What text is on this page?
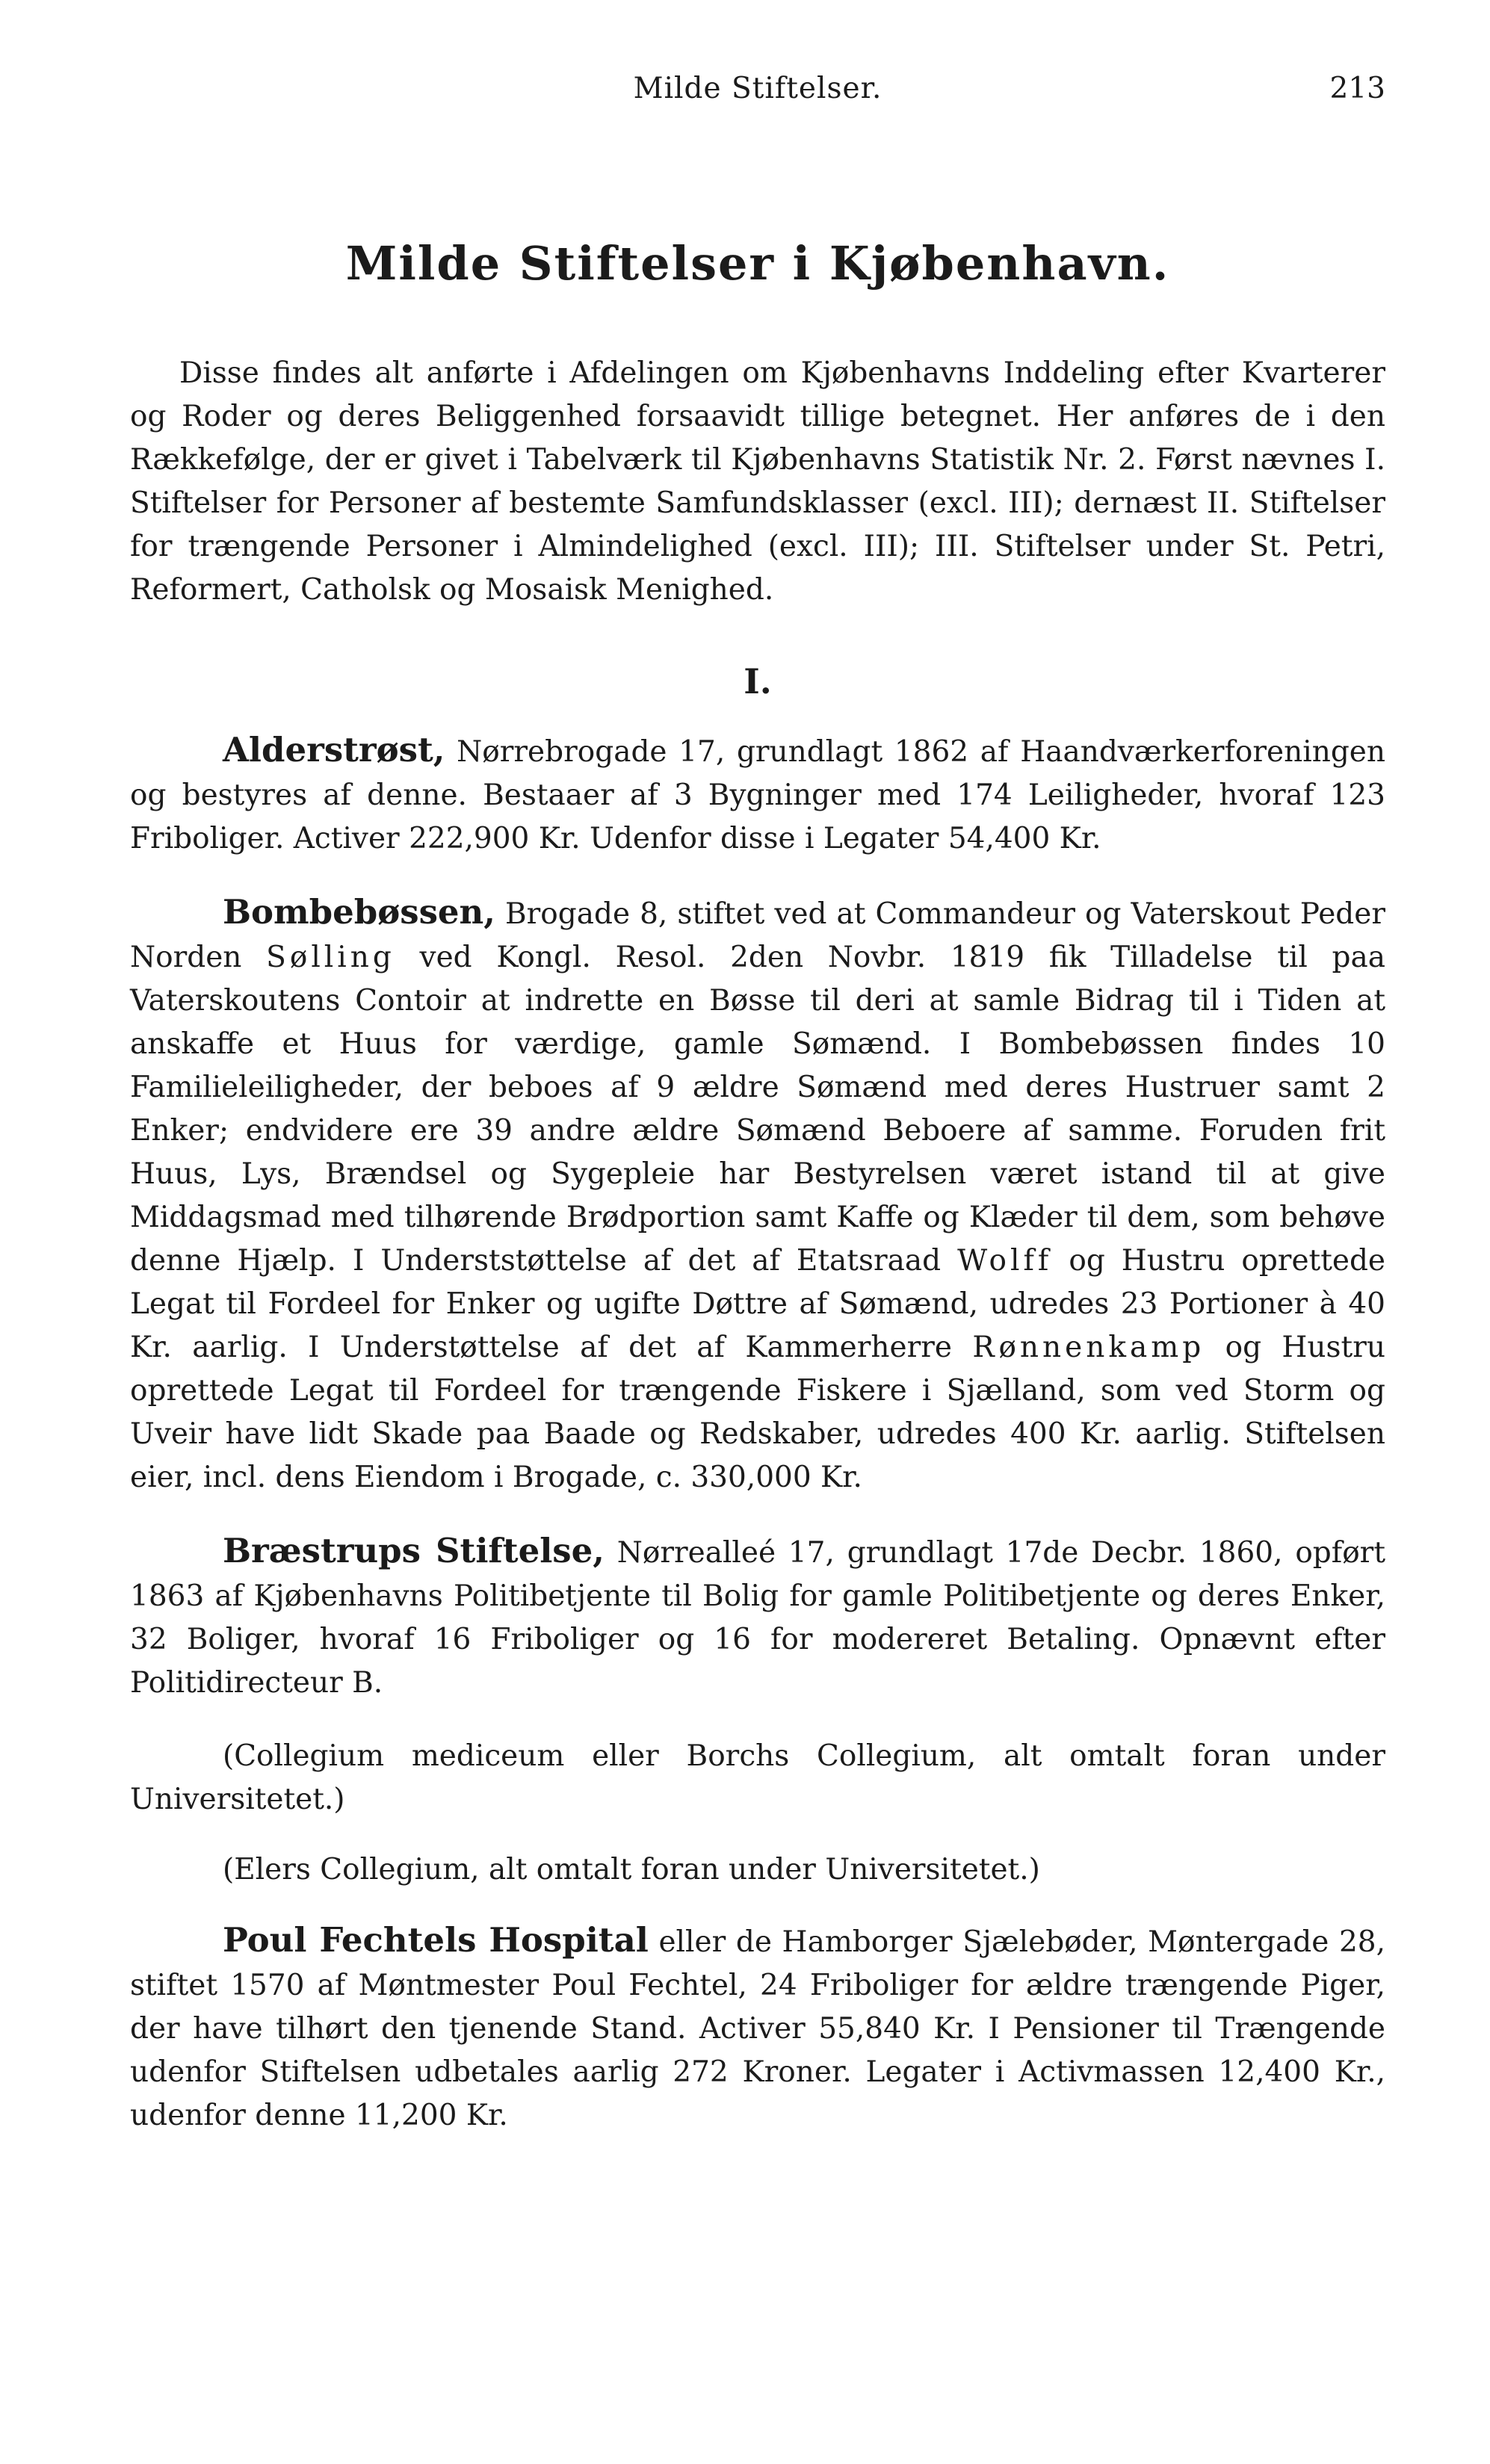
Milde Stiftelser.	213
Milde Stiftelser i Kjøbenhavn.

Disse findes alt anførte i Afdelingen om Kjøbenhavns Inddeling efter Kvarterer og Roder og deres Beliggenhed forsaavidt tillige betegnet. Her anføres de i den Rækkefølge, der er givet i Tabelværk til Kjøbenhavns Statistik Nr. 2. Først nævnes I. Stiftelser for Personer af bestemte Samfundsklasser (excl. III); dernæst II. Stiftelser for trængende Personer i Almindelighed (excl. III); III. Stiftelser under St. Petri, Reformert, Catholsk og Mosaisk Menighed.

I.

Alderstrøst, Nørrebrogade 17, grundlagt 1862 af Haandværkerforeningen og bestyres af denne. Bestaaer af 3 Bygninger med 174 Leiligheder, hvoraf 123 Friboliger. Activer 222,900 Kr. Udenfor disse i Legater 54,400 Kr.

Bombebøssen, Brogade 8, stiftet ved at Commandeur og Vaterskout Peder Norden Sølling ved Kongl. Resol. 2den Novbr. 1819 fik Tilladelse til paa Vaterskoutens Contoir at indrette en Bøsse til deri at samle Bidrag til i Tiden at anskaffe et Huus for værdige, gamle Sømænd. I Bombebøssen findes 10 Familieleiligheder, der beboes af 9 ældre Sømænd med deres Hustruer samt 2 Enker; endvidere ere 39 andre ældre Sømænd Beboere af samme. Foruden frit Huus, Lys, Brændsel og Sygepleie har Bestyrelsen været istand til at give Middagsmad med tilhørende Brødportion samt Kaffe og Klæder til dem, som behøve denne Hjælp. I Underststøttelse af det af Etatsraad Wolff og Hustru oprettede Legat til Fordeel for Enker og ugifte Døttre af Sømænd, udredes 23 Portioner à 40 Kr. aarlig. I Understøttelse af det af Kammerherre Rønnenkamp og Hustru oprettede Legat til Fordeel for trængende Fiskere i Sjælland, som ved Storm og Uveir have lidt Skade paa Baade og Redskaber, udredes 400 Kr. aarlig. Stiftelsen eier, incl. dens Eiendom i Brogade, c. 330,000 Kr.

Bræstrups Stiftelse, Nørrealleé 17, grundlagt 17de Decbr. 1860, opført 1863 af Kjøbenhavns Politibetjente til Bolig for gamle Politibetjente og deres Enker, 32 Boliger, hvoraf 16 Friboliger og 16 for modereret Betaling. Opnævnt efter Politidirecteur B.

(Collegium mediceum eller Borchs Collegium, alt omtalt foran under Universitetet.)

(Elers Collegium, alt omtalt foran under Universitetet.)

Poul Fechtels Hospital eller de Hamborger Sjælebøder, Møntergade 28, stiftet 1570 af Møntmester Poul Fechtel, 24 Friboliger for ældre trængende Piger, der have tilhørt den tjenende Stand. Activer 55,840 Kr. I Pensioner til Trængende udenfor Stiftelsen udbetales aarlig 272 Kroner. Legater i Activmassen 12,400 Kr., udenfor denne 11,200 Kr.
